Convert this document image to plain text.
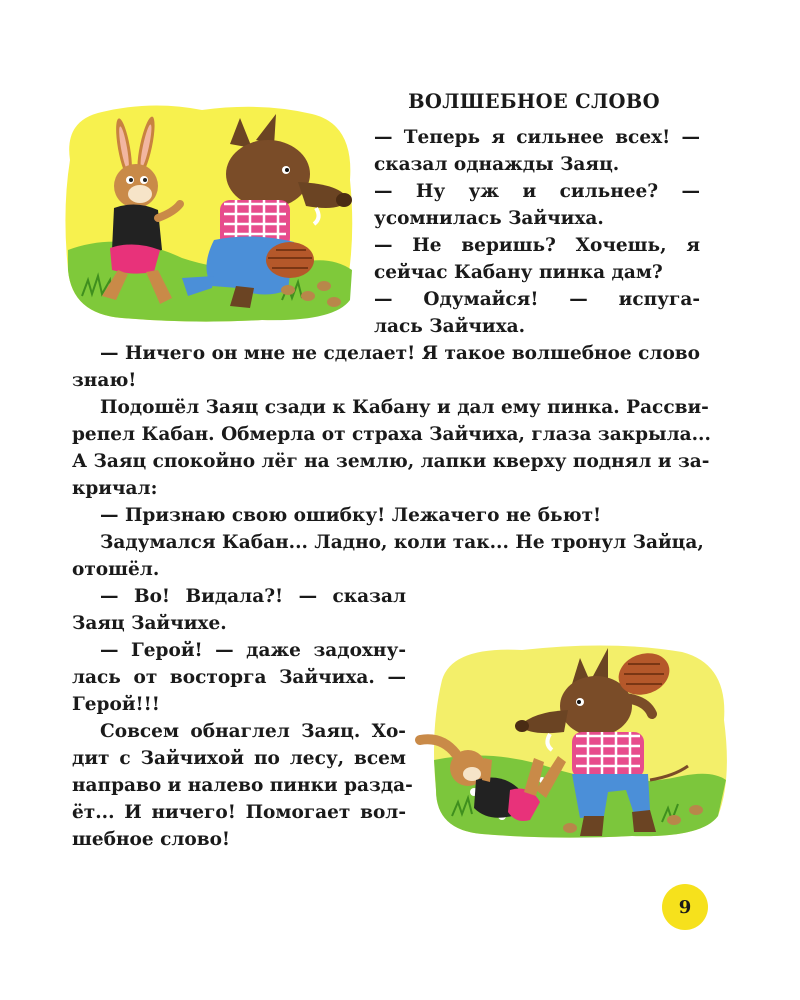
ВОЛШЕБНОЕ СЛОВО
— Теперь я сильнее всех! —
сказал однажды Заяц.
— Ну уж и сильнее? —
усомнилась Зайчиха.
— Не веришь? Хочешь, я
сейчас Кабану пинка дам?
— Одумайся! — испуга-
лась Зайчиха.
— Ничего он мне не сделает! Я такое волшебное слово
знаю!
Подошёл Заяц сзади к Кабану и дал ему пинка. Рассви-
репел Кабан. Обмерла от страха Зайчиха, глаза закрыла...
А Заяц спокойно лёг на землю, лапки кверху поднял и за-
кричал:
— Признаю свою ошибку! Лежачего не бьют!
Задумался Кабан... Ладно, коли так... Не тронул Зайца,
отошёл.
— Во! Видала?! — сказал
Заяц Зайчихе.
— Герой! — даже задохну-
лась от восторга Зайчиха. —
Герой!!!
Совсем обнаглел Заяц. Хо-
дит с Зайчихой по лесу, всем
направо и налево пинки разда-
ёт... И ничего! Помогает вол-
шебное слово!
9
